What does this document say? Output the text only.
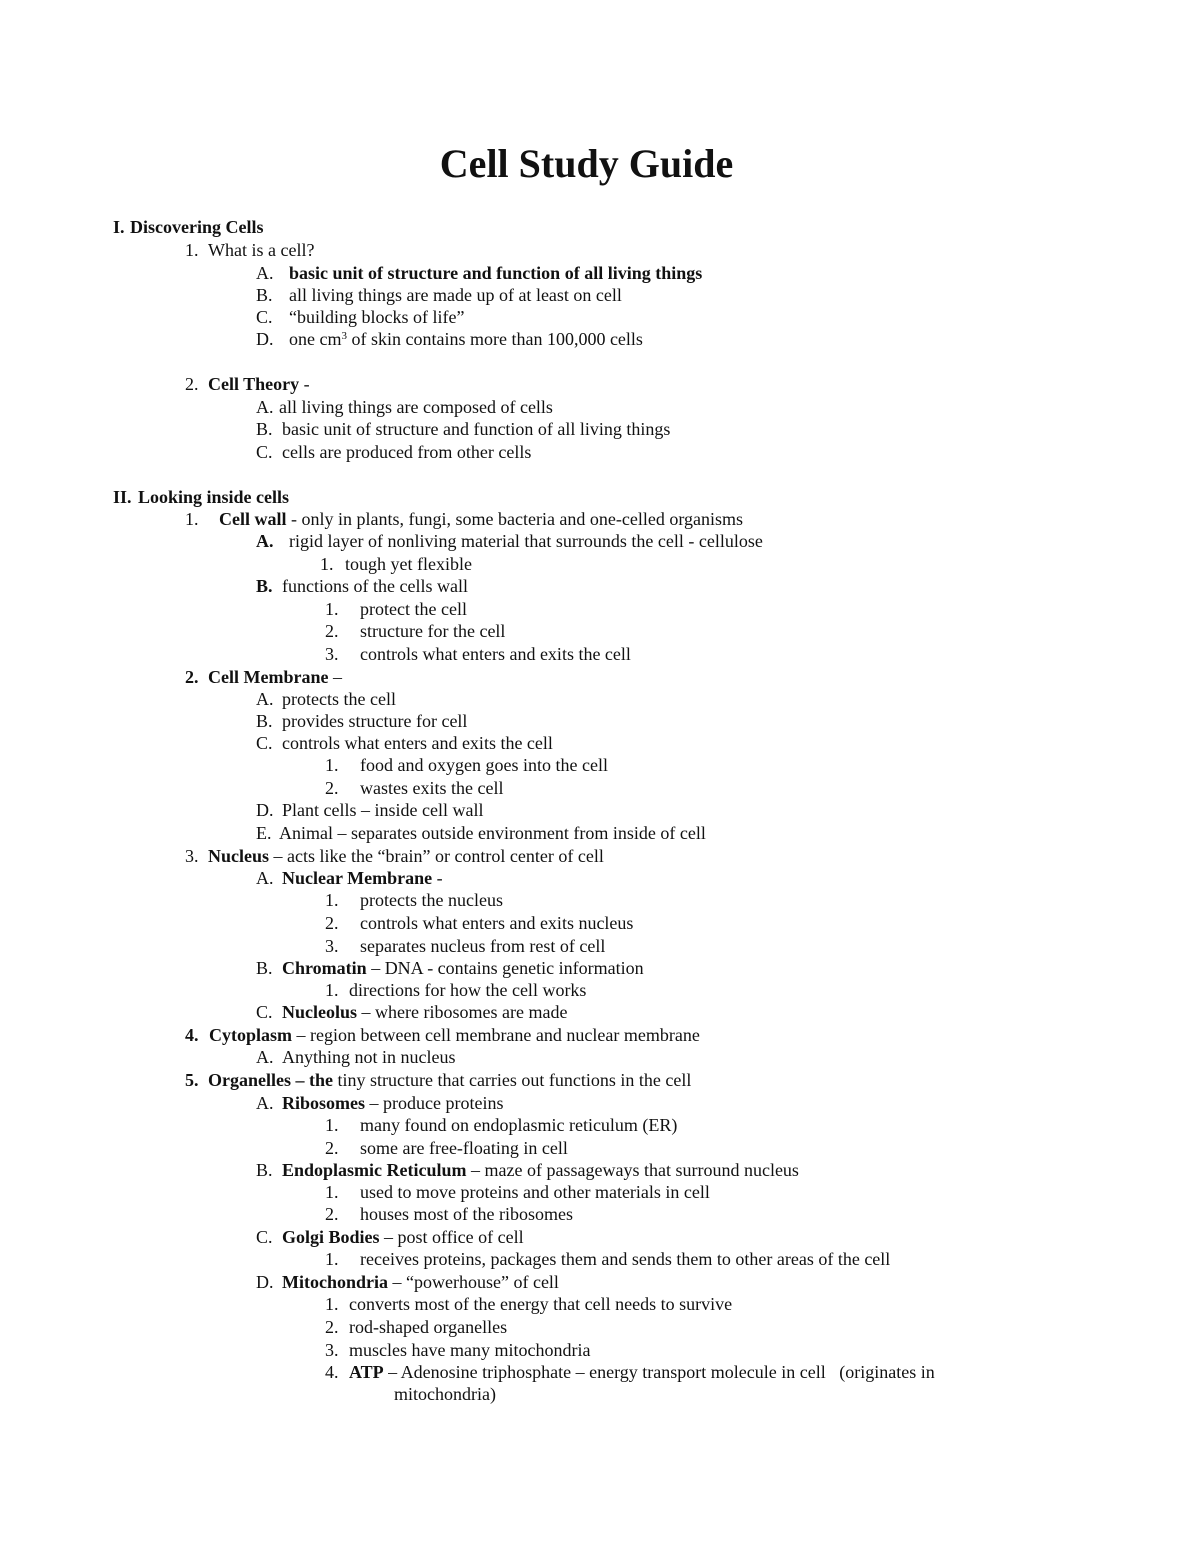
Cell Study Guide
I. Discovering Cells
1. What is a cell?
A. basic unit of structure and function of all living things
B. all living things are made up of at least on cell
C. “building blocks of life”
D. one $cm^3$ of skin contains more than 100,000 cells
2. Cell Theory -
A. all living things are composed of cells
B. basic unit of structure and function of all living things
C. cells are produced from other cells
II. Looking inside cells
1. Cell wall - only in plants, fungi, some bacteria and one-celled organisms
A. rigid layer of nonliving material that surrounds the cell - cellulose
1. tough yet flexible
B. functions of the cells wall
1. protect the cell
2. structure for the cell
3. controls what enters and exits the cell
2. Cell Membrane –
A. protects the cell
B. provides structure for cell
C. controls what enters and exits the cell
1. food and oxygen goes into the cell
2. wastes exits the cell
D. Plant cells – inside cell wall
E. Animal – separates outside environment from inside of cell
3. Nucleus – acts like the “brain” or control center of cell
A. Nuclear Membrane -
1. protects the nucleus
2. controls what enters and exits nucleus
3. separates nucleus from rest of cell
B. Chromatin – DNA - contains genetic information
1. directions for how the cell works
C. Nucleolus – where ribosomes are made
4. Cytoplasm – region between cell membrane and nuclear membrane
A. Anything not in nucleus
5. Organelles – the tiny structure that carries out functions in the cell
A. Ribosomes – produce proteins
1. many found on endoplasmic reticulum (ER)
2. some are free-floating in cell
B. Endoplasmic Reticulum – maze of passageways that surround nucleus
1. used to move proteins and other materials in cell
2. houses most of the ribosomes
C. Golgi Bodies – post office of cell
1. receives proteins, packages them and sends them to other areas of the cell
D. Mitochondria – “powerhouse” of cell
1. converts most of the energy that cell needs to survive
2. rod-shaped organelles
3. muscles have many mitochondria
4. ATP – Adenosine triphosphate – energy transport molecule in cell   (originates in
mitochondria)
